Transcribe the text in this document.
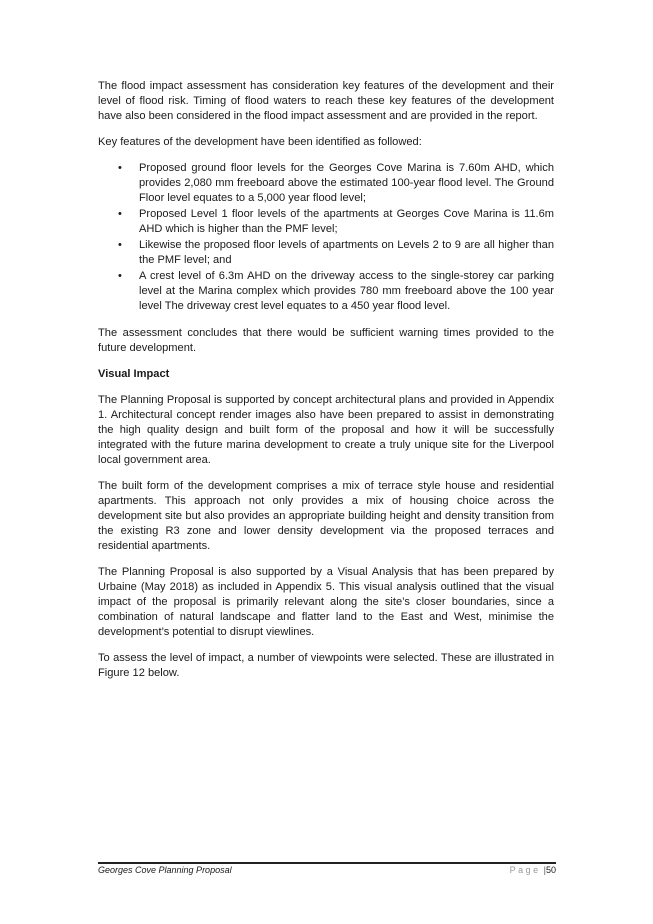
The flood impact assessment has consideration key features of the development and their level of flood risk. Timing of flood waters to reach these key features of the development have also been considered in the flood impact assessment and are provided in the report.

Key features of the development have been identified as followed:

• Proposed ground floor levels for the Georges Cove Marina is 7.60m AHD, which provides 2,080 mm freeboard above the estimated 100-year flood level. The Ground Floor level equates to a 5,000 year flood level;
• Proposed Level 1 floor levels of the apartments at Georges Cove Marina is 11.6m AHD which is higher than the PMF level;
• Likewise the proposed floor levels of apartments on Levels 2 to 9 are all higher than the PMF level; and
• A crest level of 6.3m AHD on the driveway access to the single-storey car parking level at the Marina complex which provides 780 mm freeboard above the 100 year level The driveway crest level equates to a 450 year flood level.

The assessment concludes that there would be sufficient warning times provided to the future development.

Visual Impact

The Planning Proposal is supported by concept architectural plans and provided in Appendix 1. Architectural concept render images also have been prepared to assist in demonstrating the high quality design and built form of the proposal and how it will be successfully integrated with the future marina development to create a truly unique site for the Liverpool local government area.

The built form of the development comprises a mix of terrace style house and residential apartments. This approach not only provides a mix of housing choice across the development site but also provides an appropriate building height and density transition from the existing R3 zone and lower density development via the proposed terraces and residential apartments.

The Planning Proposal is also supported by a Visual Analysis that has been prepared by Urbaine (May 2018) as included in Appendix 5. This visual analysis outlined that the visual impact of the proposal is primarily relevant along the site’s closer boundaries, since a combination of natural landscape and flatter land to the East and West, minimise the development’s potential to disrupt viewlines.

To assess the level of impact, a number of viewpoints were selected. These are illustrated in Figure 12 below.

Georges Cove Planning Proposal	Page |50
